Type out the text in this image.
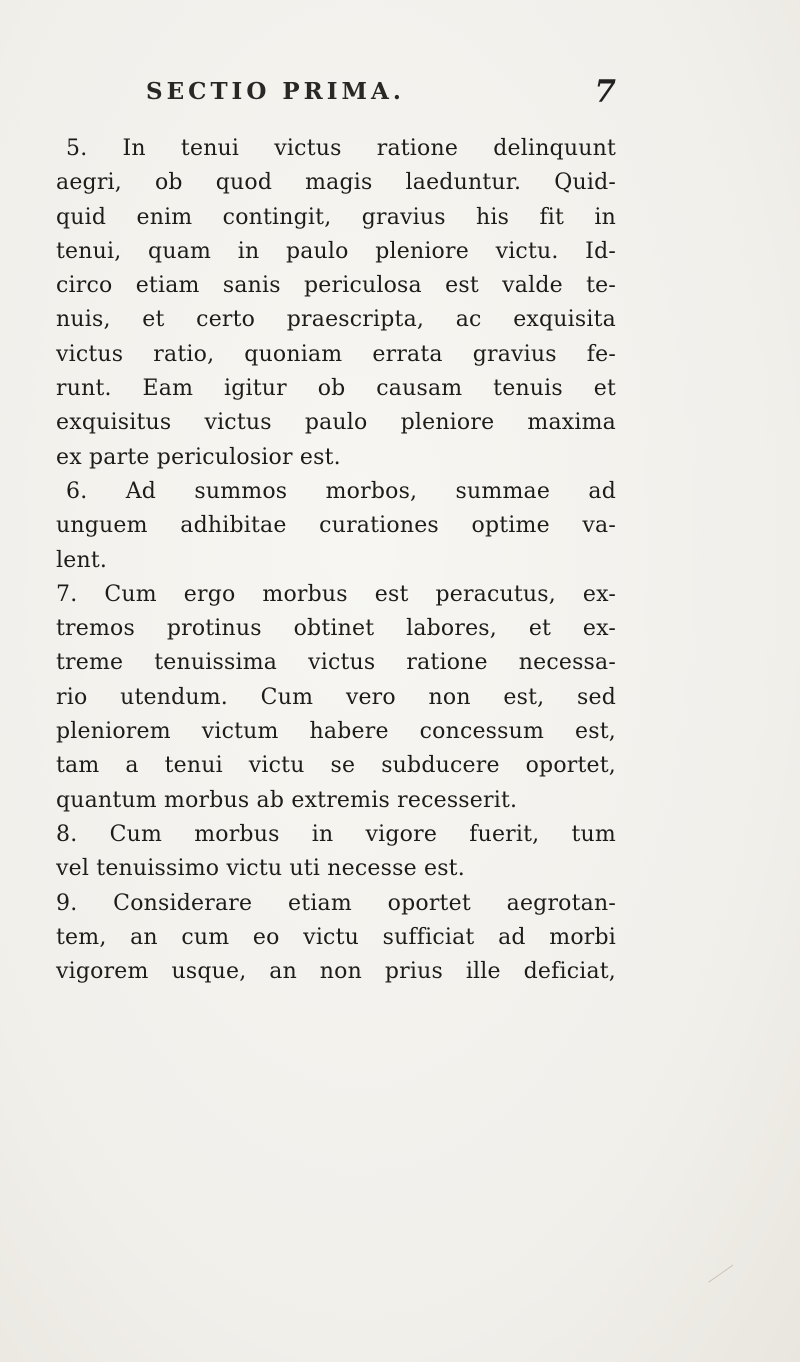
SECTIO PRIMA.	7
5. In tenui victus ratione delinquunt
aegri, ob quod magis laeduntur. Quid-
quid enim contingit, gravius his fit in
tenui, quam in paulo pleniore victu. Id-
circo etiam sanis periculosa est valde te-
nuis, et certo praescripta, ac exquisita
victus ratio, quoniam errata gravius fe-
runt. Eam igitur ob causam tenuis et
exquisitus victus paulo pleniore maxima
ex parte periculosior est.
6. Ad summos morbos, summae ad
unguem adhibitae curationes optime va-
lent.
7. Cum ergo morbus est peracutus, ex-
tremos protinus obtinet labores, et ex-
treme tenuissima victus ratione necessa-
rio utendum. Cum vero non est, sed
pleniorem victum habere concessum est,
tam a tenui victu se subducere oportet,
quantum morbus ab extremis recesserit.
8. Cum morbus in vigore fuerit, tum
vel tenuissimo victu uti necesse est.
9. Considerare etiam oportet aegrotan-
tem, an cum eo victu sufficiat ad morbi
vigorem usque, an non prius ille deficiat,
